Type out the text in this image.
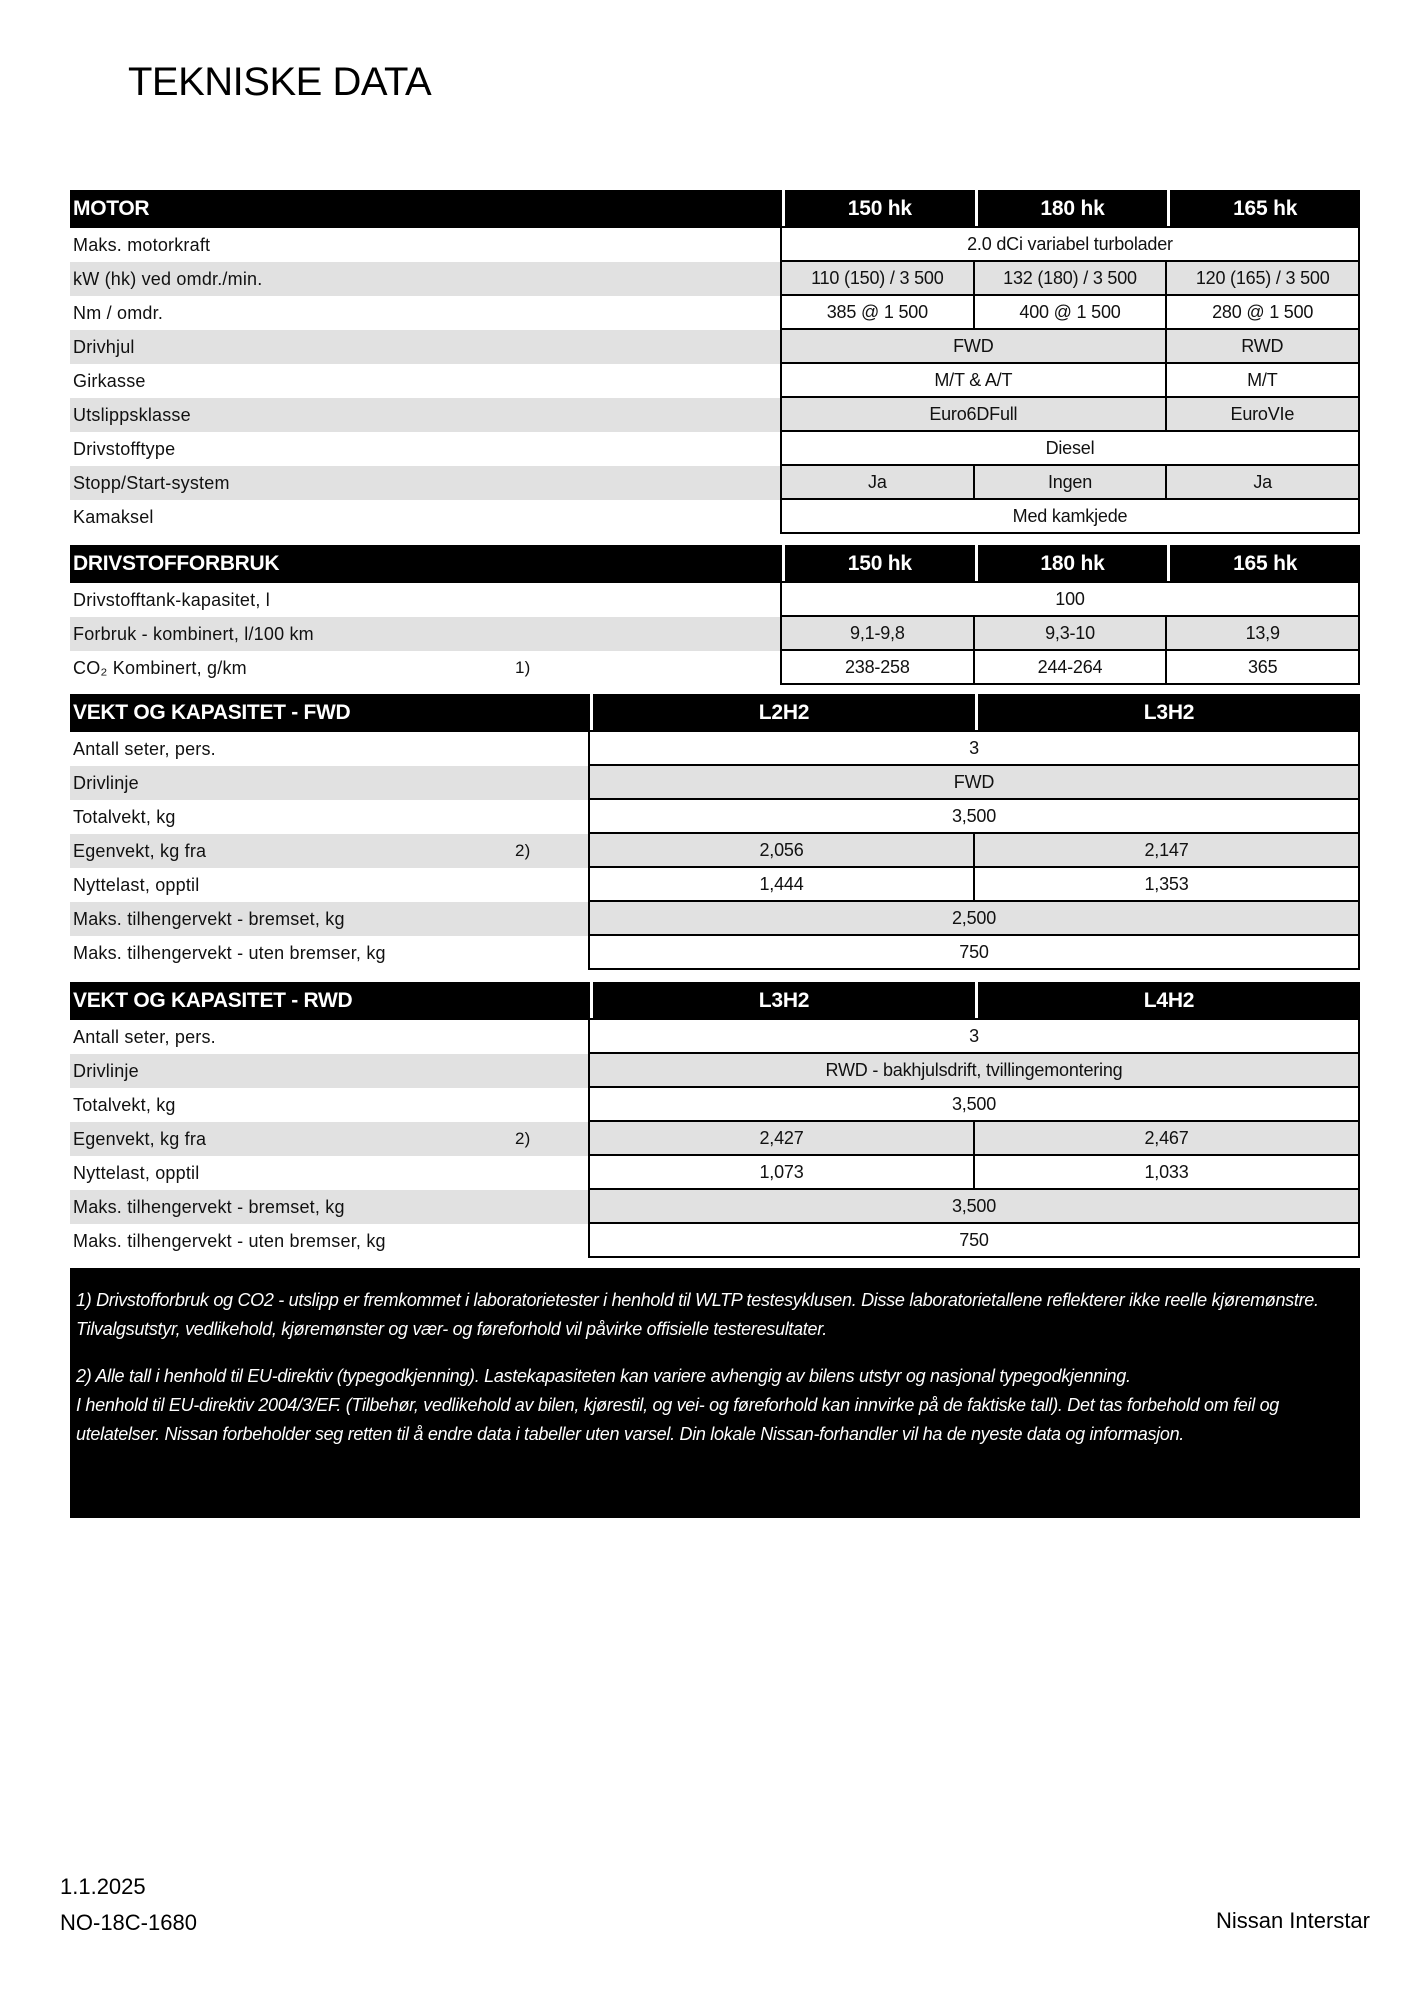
TEKNISKE DATA
MOTOR	150 hk	180 hk	165 hk
Maks. motorkraft	2.0 dCi variabel turbolader
kW (hk) ved omdr./min.	110 (150) / 3 500	132 (180) / 3 500	120 (165) / 3 500
Nm / omdr.	385 @ 1 500	400 @ 1 500	280 @ 1 500
Drivhjul	FWD	RWD
Girkasse	M/T & A/T	M/T
Utslippsklasse	Euro6DFull	EuroVIe
Drivstofftype	Diesel
Stopp/Start-system	Ja	Ingen	Ja
Kamaksel	Med kamkjede
DRIVSTOFFORBRUK	150 hk	180 hk	165 hk
Drivstofftank-kapasitet, l	100
Forbruk - kombinert, l/100 km	9,1-9,8	9,3-10	13,9
CO₂ Kombinert, g/km	1)	238-258	244-264	365
VEKT OG KAPASITET - FWD	L2H2	L3H2
Antall seter, pers.	3
Drivlinje	FWD
Totalvekt, kg	3,500
Egenvekt, kg fra	2)	2,056	2,147
Nyttelast, opptil	1,444	1,353
Maks. tilhengervekt - bremset, kg	2,500
Maks. tilhengervekt - uten bremser, kg	750
VEKT OG KAPASITET - RWD	L3H2	L4H2
Antall seter, pers.	3
Drivlinje	RWD - bakhjulsdrift, tvillingemontering
Totalvekt, kg	3,500
Egenvekt, kg fra	2)	2,427	2,467
Nyttelast, opptil	1,073	1,033
Maks. tilhengervekt - bremset, kg	3,500
Maks. tilhengervekt - uten bremser, kg	750

1) Drivstofforbruk og CO2 - utslipp er fremkommet i laboratorietester i henhold til WLTP testesyklusen. Disse laboratorietallene reflekterer ikke reelle kjøremønstre. Tilvalgsutstyr, vedlikehold, kjøremønster og vær- og føreforhold vil påvirke offisielle testeresultater.

2) Alle tall i henhold til EU-direktiv (typegodkjenning). Lastekapasiteten kan variere avhengig av bilens utstyr og nasjonal typegodkjenning.

I henhold til EU-direktiv 2004/3/EF. (Tilbehør, vedlikehold av bilen, kjørestil, og vei- og føreforhold kan innvirke på de faktiske tall). Det tas forbehold om feil og utelatelser. Nissan forbeholder seg retten til å endre data i tabeller uten varsel. Din lokale Nissan-forhandler vil ha de nyeste data og informasjon.

1.1.2025
NO-18C-1680	Nissan Interstar
